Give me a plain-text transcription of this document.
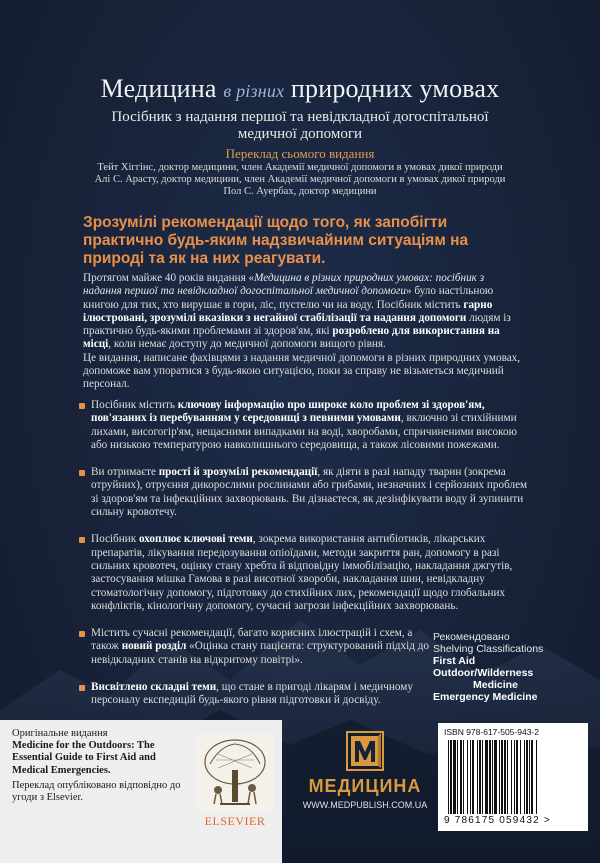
Медицина в різних природних умовах
Посібник з надання першої та невідкладної догоспітальної медичної допомоги
Переклад сьомого видання
Тейт Хіггінс, доктор медицини, член Академії медичної допомоги в умовах дикої природи
Алі С. Арасту, доктор медицини, член Академії медичної допомоги в умовах дикої природи
Пол С. Ауербах, доктор медицини
Зрозумілі рекомендації щодо того, як запобігти практично будь-яким надзвичайним ситуаціям на природі та як на них реагувати.

Протягом майже 40 років видання «Медицина в різних природних умовах: посібник з надання першої та невідкладної догоспітальної медичної допомоги» було настільною книгою для тих, хто вирушає в гори, ліс, пустелю чи на воду. Посібник містить гарно ілюстровані, зрозумілі вказівки з негайної стабілізації та надання допомоги людям із практично будь-якими проблемами зі здоров'ям, які розроблено для використання на місці, коли немає доступу до медичної допомоги вищого рівня.

Це видання, написане фахівцями з надання медичної допомоги в різних природних умовах, допоможе вам упоратися з будь-якою ситуацією, поки за справу не візьметься медичний персонал.

Посібник містить ключову інформацію про широке коло проблем зі здоров'ям, пов'язаних із перебуванням у середовищі з певними умовами, включно зі стихійними лихами, висогогір'ям, нещасними випадками на воді, хворобами, спричиненими високою або низькою температурою навколишнього середовища, а також лісовими пожежами.
Ви отримаєте прості й зрозумілі рекомендації, як діяти в разі нападу тварин (зокрема отруйних), отруєння дикорослими рослинами або грибами, незначних і серйозних проблем зі здоров'ям та інфекційних захворювань. Ви дізнаєтеся, як дезінфікувати воду й зупинити сильну кровотечу.
Посібник охоплює ключові теми, зокрема використання антибіотиків, лікарських препаратів, лікування передозування опіоїдами, методи закриття ран, допомогу в разі сильних кровотеч, оцінку стану хребта й відповідну іммобілізацію, накладання джгутів, застосування мішка Гамова в разі висотної хвороби, накладання шин, невідкладну стоматологічну допомогу, підготовку до стихійних лих, рекомендації щодо глобальних конфліктів, кінологічну допомогу, сучасні загрози інфекційних захворювань.
Містить сучасні рекомендації, багато корисних ілюстрацій і схем, а також новий розділ «Оцінка стану пацієнта: структурований підхід до невідкладних станів на відкритому повітрі».
Висвітлено складні теми, що стане в пригоді лікарям і медичному персоналу експедицій будь-якого рівня підготовки й досвіду.
Рекомендовано
Shelving Classifications
First Aid
Outdoor/Wilderness
Medicine
Emergency Medicine
Оригінальне видання
Medicine for the Outdoors: The Essential Guide to First Aid and Medical Emergencies.
Переклад опубліковано відповідно до угоди з Elsevier.
ELSEVIER
МЕДИЦИНА
WWW.MEDPUBLISH.COM.UA
ISBN 978-617-505-943-2
9 786175 059432 >
